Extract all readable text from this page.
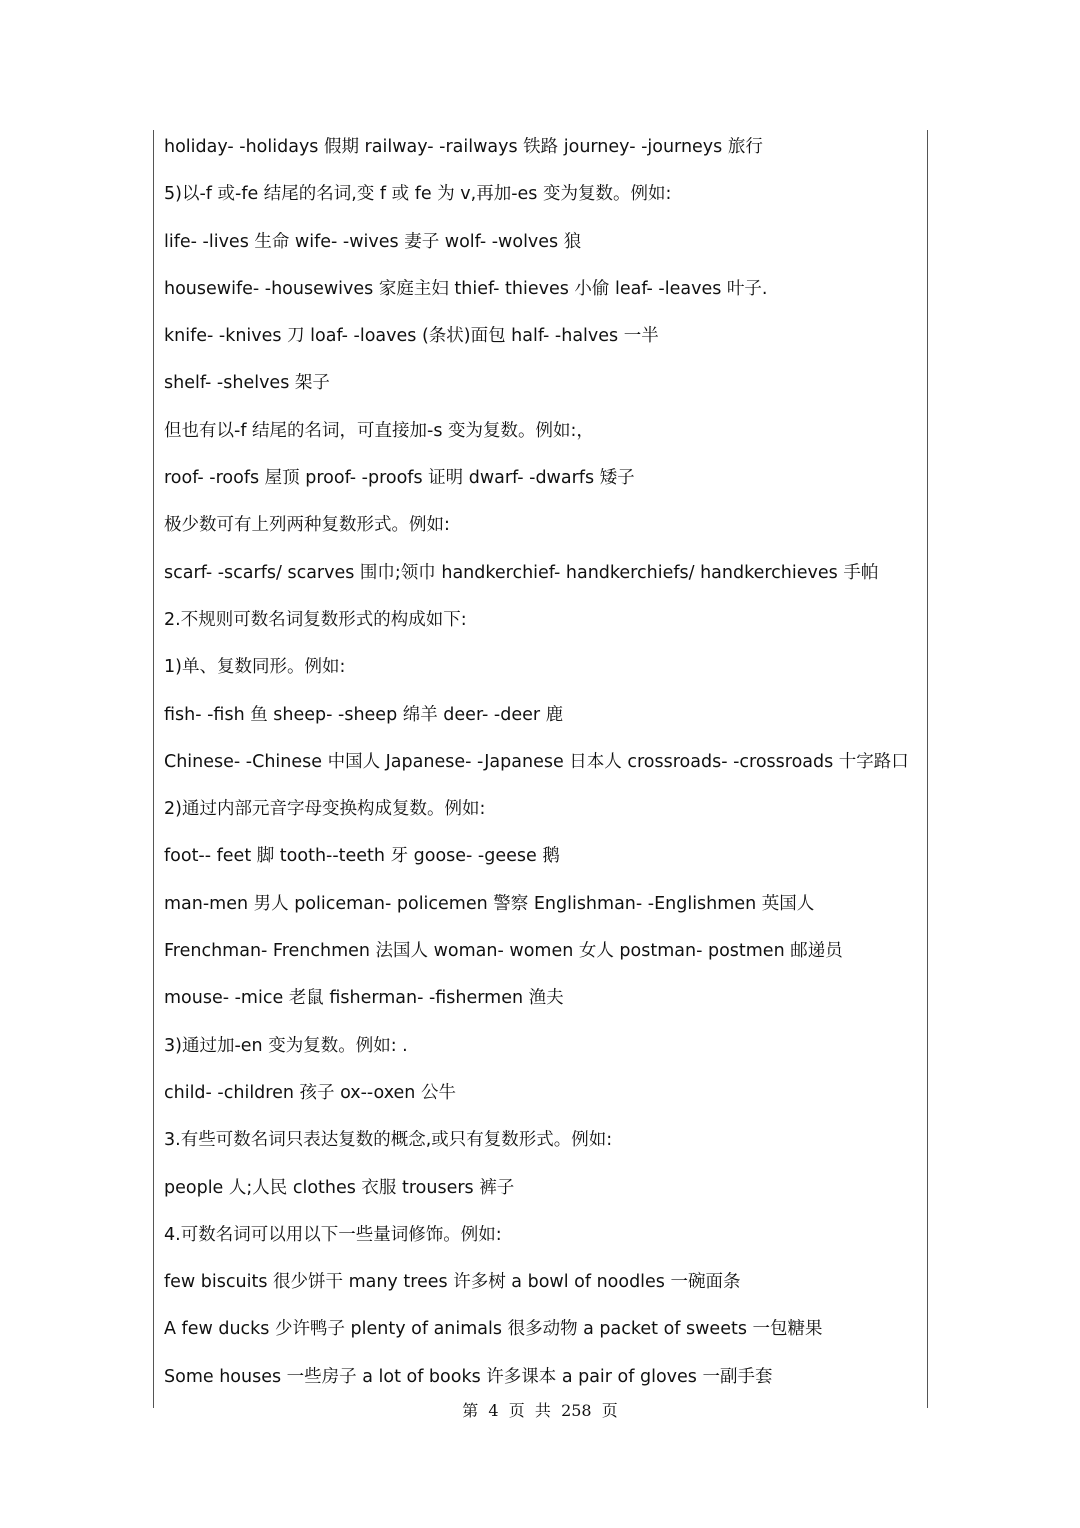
holiday- -holidays 假期 railway- -railways 铁路 journey- -journeys 旅行
5)以-f 或-fe 结尾的名词,变 f 或 fe 为 v,再加-es 变为复数。例如:
life- -lives 生命 wife- -wives 妻子 wolf- -wolves 狼
housewife- -housewives 家庭主妇 thief- thieves 小偷 leaf- -leaves 叶子.
knife- -knives 刀 loaf- -loaves (条状)面包 half- -halves 一半
shelf- -shelves 架子
但也有以-f 结尾的名词，可直接加-s 变为复数。例如:，
roof- -roofs 屋顶 proof- -proofs 证明 dwarf- -dwarfs 矮子
极少数可有上列两种复数形式。例如:
scarf- -scarfs/ scarves 围巾;领巾 handkerchief- handkerchiefs/ handkerchieves 手帕
2.不规则可数名词复数形式的构成如下:
1)单、复数同形。例如:
fish- -fish 鱼 sheep- -sheep 绵羊 deer- -deer 鹿
Chinese- -Chinese 中国人 Japanese- -Japanese 日本人 crossroads- -crossroads 十字路口
2)通过内部元音字母变换构成复数。例如:
foot-- feet 脚 tooth--teeth 牙 goose- -geese 鹅
man-men 男人 policeman- policemen 警察 Englishman- -Englishmen 英国人
Frenchman- Frenchmen 法国人 woman- women 女人 postman- postmen 邮递员
mouse- -mice 老鼠 fisherman- -fishermen 渔夫
3)通过加-en 变为复数。例如: .
child- -children 孩子 ox--oxen 公牛
3.有些可数名词只表达复数的概念,或只有复数形式。例如:
people 人;人民 clothes 衣服 trousers 裤子
4.可数名词可以用以下一些量词修饰。例如:
few biscuits 很少饼干 many trees 许多树 a bowl of noodles 一碗面条
A few ducks 少许鸭子 plenty of animals 很多动物 a packet of sweets 一包糖果
Some houses 一些房子 a lot of books 许多课本 a pair of gloves 一副手套
第  4  页  共  258  页
